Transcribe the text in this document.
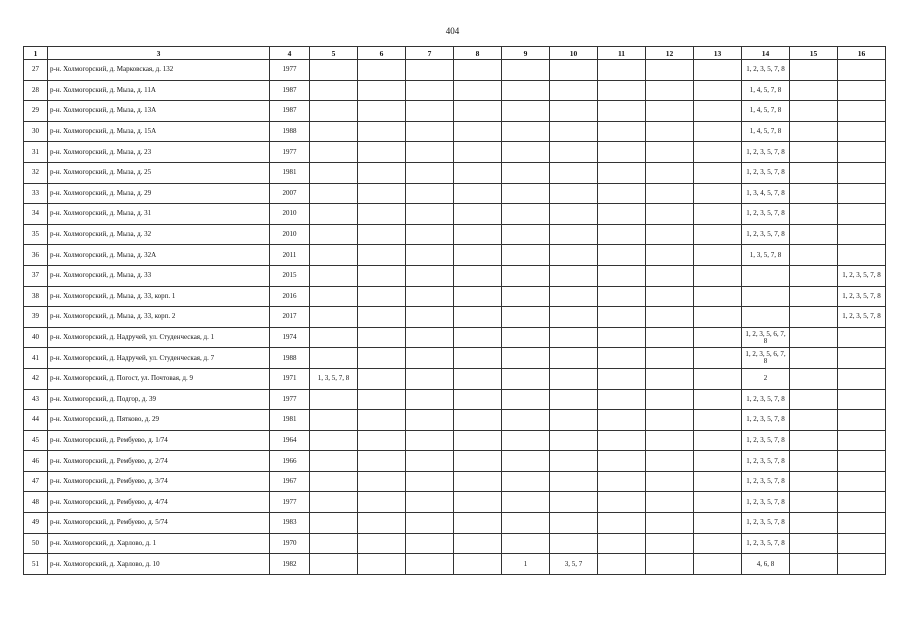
404
1	3	4	5	6	7	8	9	10	11	12	13	14	15	16
27	р-н. Холмогорский, д. Марковская, д. 132	1977										1, 2, 3, 5, 7, 8		
28	р-н. Холмогорский, д. Мыза, д. 11А	1987										1, 4, 5, 7, 8		
29	р-н. Холмогорский, д. Мыза, д. 13А	1987										1, 4, 5, 7, 8		
30	р-н. Холмогорский, д. Мыза, д. 15А	1988										1, 4, 5, 7, 8		
31	р-н. Холмогорский, д. Мыза, д. 23	1977										1, 2, 3, 5, 7, 8		
32	р-н. Холмогорский, д. Мыза, д. 25	1981										1, 2, 3, 5, 7, 8		
33	р-н. Холмогорский, д. Мыза, д. 29	2007										1, 3, 4, 5, 7, 8		
34	р-н. Холмогорский, д. Мыза, д. 31	2010										1, 2, 3, 5, 7, 8		
35	р-н. Холмогорский, д. Мыза, д. 32	2010										1, 2, 3, 5, 7, 8		
36	р-н. Холмогорский, д. Мыза, д. 32А	2011										1, 3, 5, 7, 8		
37	р-н. Холмогорский, д. Мыза, д. 33	2015												1, 2, 3, 5, 7, 8
38	р-н. Холмогорский, д. Мыза, д. 33, корп. 1	2016												1, 2, 3, 5, 7, 8
39	р-н. Холмогорский, д. Мыза, д. 33, корп. 2	2017												1, 2, 3, 5, 7, 8
40	р-н. Холмогорский, д. Надручей, ул. Студенческая, д. 1	1974										1, 2, 3, 5, 6, 7, 8		
41	р-н. Холмогорский, д. Надручей, ул. Студенческая, д. 7	1988										1, 2, 3, 5, 6, 7, 8		
42	р-н. Холмогорский, д. Погост, ул. Почтовая, д. 9	1971	1, 3, 5, 7, 8									2		
43	р-н. Холмогорский, д. Подгор, д. 39	1977										1, 2, 3, 5, 7, 8		
44	р-н. Холмогорский, д. Пятково, д. 29	1981										1, 2, 3, 5, 7, 8		
45	р-н. Холмогорский, д. Рембуево, д. 1/74	1964										1, 2, 3, 5, 7, 8		
46	р-н. Холмогорский, д. Рембуево, д. 2/74	1966										1, 2, 3, 5, 7, 8		
47	р-н. Холмогорский, д. Рембуево, д. 3/74	1967										1, 2, 3, 5, 7, 8		
48	р-н. Холмогорский, д. Рембуево, д. 4/74	1977										1, 2, 3, 5, 7, 8		
49	р-н. Холмогорский, д. Рембуево, д. 5/74	1983										1, 2, 3, 5, 7, 8		
50	р-н. Холмогорский, д. Харлово, д. 1	1970										1, 2, 3, 5, 7, 8		
51	р-н. Холмогорский, д. Харлово, д. 10	1982					1	3, 5, 7				4, 6, 8		
